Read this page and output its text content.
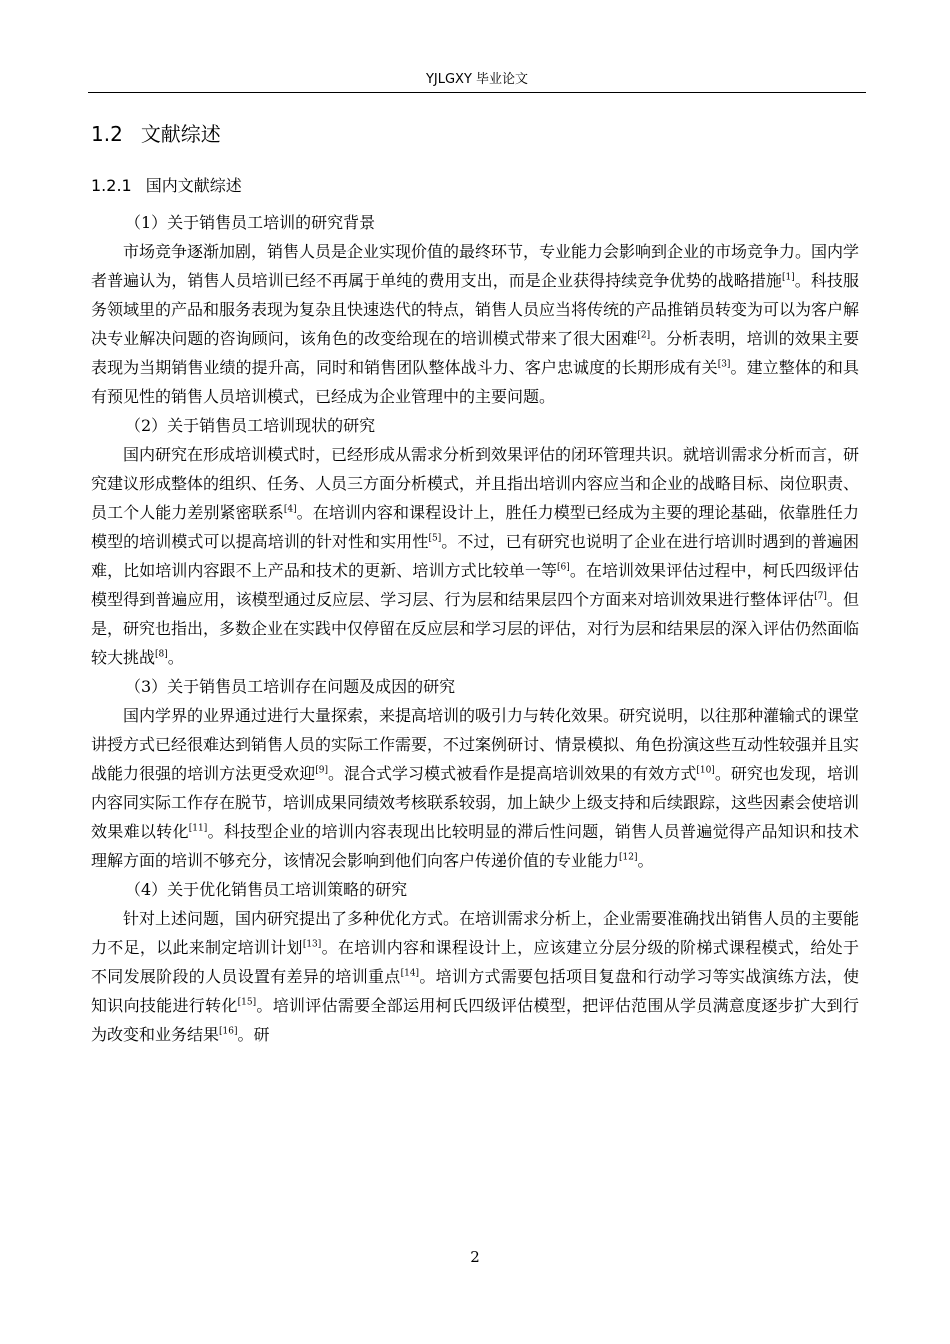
YJLGXY 毕业论文
1.2 文献综述
1.2.1 国内文献综述

（1）关于销售员工培训的研究背景

市场竞争逐渐加剧，销售人员是企业实现价值的最终环节，专业能力会影响到企业的市场竞争力。国内学者普遍认为，销售人员培训已经不再属于单纯的费用支出，而是企业获得持续竞争优势的战略措施[1]。科技服务领域里的产品和服务表现为复杂且快速迭代的特点，销售人员应当将传统的产品推销员转变为可以为客户解决专业解决问题的咨询顾问，该角色的改变给现在的培训模式带来了很大困难[2]。分析表明，培训的效果主要表现为当期销售业绩的提升高，同时和销售团队整体战斗力、客户忠诚度的长期形成有关[3]。建立整体的和具有预见性的销售人员培训模式，已经成为企业管理中的主要问题。

（2）关于销售员工培训现状的研究

国内研究在形成培训模式时，已经形成从需求分析到效果评估的闭环管理共识。就培训需求分析而言，研究建议形成整体的组织、任务、人员三方面分析模式，并且指出培训内容应当和企业的战略目标、岗位职责、员工个人能力差别紧密联系[4]。在培训内容和课程设计上，胜任力模型已经成为主要的理论基础，依靠胜任力模型的培训模式可以提高培训的针对性和实用性[5]。不过，已有研究也说明了企业在进行培训时遇到的普遍困难，比如培训内容跟不上产品和技术的更新、培训方式比较单一等[6]。在培训效果评估过程中，柯氏四级评估模型得到普遍应用，该模型通过反应层、学习层、行为层和结果层四个方面来对培训效果进行整体评估[7]。但是，研究也指出，多数企业在实践中仅停留在反应层和学习层的评估，对行为层和结果层的深入评估仍然面临较大挑战[8]。

（3）关于销售员工培训存在问题及成因的研究

国内学界的业界通过进行大量探索，来提高培训的吸引力与转化效果。研究说明，以往那种灌输式的课堂讲授方式已经很难达到销售人员的实际工作需要，不过案例研讨、情景模拟、角色扮演这些互动性较强并且实战能力很强的培训方法更受欢迎[9]。混合式学习模式被看作是提高培训效果的有效方式[10]。研究也发现，培训内容同实际工作存在脱节，培训成果同绩效考核联系较弱，加上缺少上级支持和后续跟踪，这些因素会使培训效果难以转化[11]。科技型企业的培训内容表现出比较明显的滞后性问题，销售人员普遍觉得产品知识和技术理解方面的培训不够充分，该情况会影响到他们向客户传递价值的专业能力[12]。

（4）关于优化销售员工培训策略的研究

针对上述问题，国内研究提出了多种优化方式。在培训需求分析上，企业需要准确找出销售人员的主要能力不足，以此来制定培训计划[13]。在培训内容和课程设计上，应该建立分层分级的阶梯式课程模式，给处于不同发展阶段的人员设置有差异的培训重点[14]。培训方式需要包括项目复盘和行动学习等实战演练方法，使知识向技能进行转化[15]。培训评估需要全部运用柯氏四级评估模型，把评估范围从学员满意度逐步扩大到行为改变和业务结果[16]。研

2
